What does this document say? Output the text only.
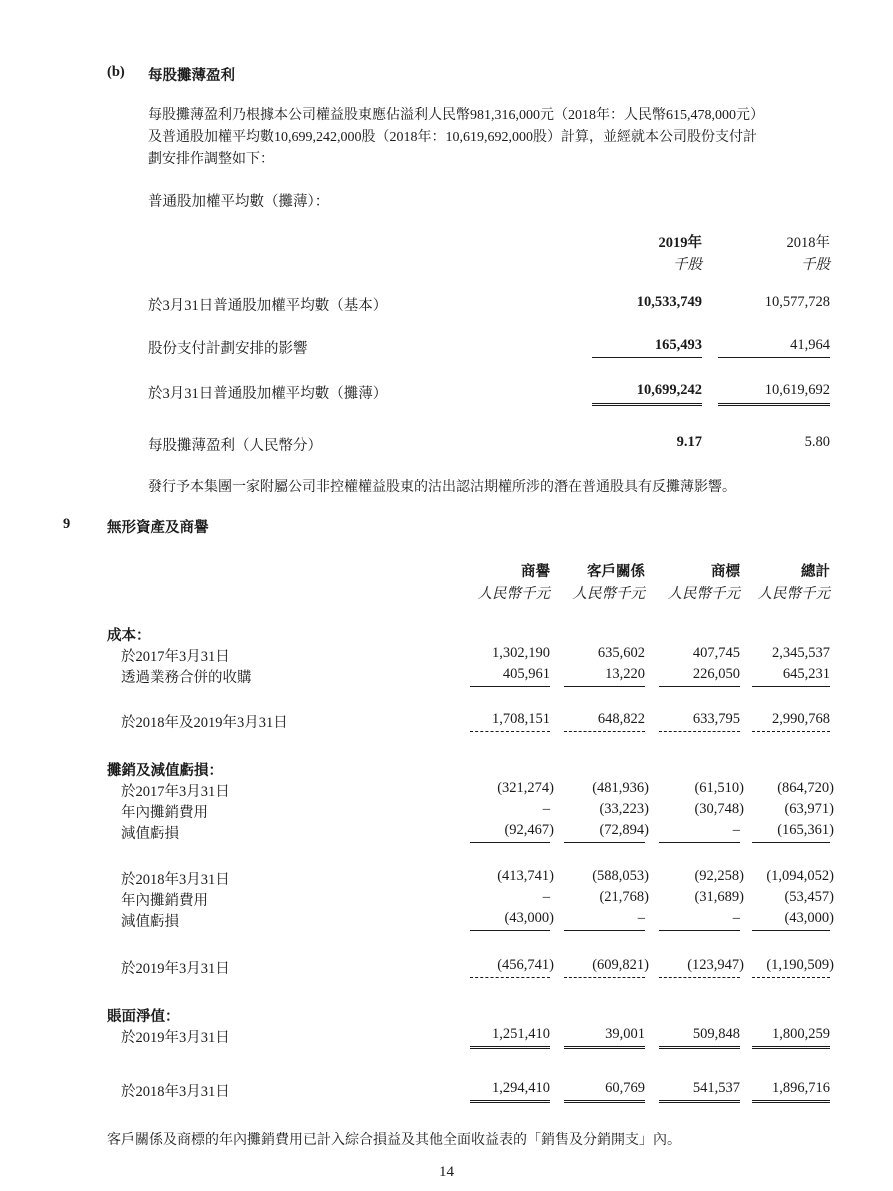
(b) 每股攤薄盈利
每股攤薄盈利乃根據本公司權益股東應佔溢利人民幣981,316,000元（2018年：人民幣615,478,000元）
及普通股加權平均數10,699,242,000股（2018年：10,619,692,000股）計算，並經就本公司股份支付計
劃安排作調整如下：
普通股加權平均數（攤薄）：
2019年	2018年
千股	千股
於3月31日普通股加權平均數（基本）	10,533,749	10,577,728
股份支付計劃安排的影響	165,493	41,964
於3月31日普通股加權平均數（攤薄）	10,699,242	10,619,692
每股攤薄盈利（人民幣分）	9.17	5.80
發行予本集團一家附屬公司非控權權益股東的沽出認沽期權所涉的潛在普通股具有反攤薄影響。
9	無形資產及商譽
商譽	客戶關係	商標	總計
人民幣千元	人民幣千元	人民幣千元	人民幣千元
成本：
於2017年3月31日	1,302,190	635,602	407,745	2,345,537
透過業務合併的收購	405,961	13,220	226,050	645,231
於2018年及2019年3月31日	1,708,151	648,822	633,795	2,990,768
攤銷及減值虧損：
於2017年3月31日	(321,274)	(481,936)	(61,510)	(864,720)
年內攤銷費用	–	(33,223)	(30,748)	(63,971)
減值虧損	(92,467)	(72,894)	–	(165,361)
於2018年3月31日	(413,741)	(588,053)	(92,258)	(1,094,052)
年內攤銷費用	–	(21,768)	(31,689)	(53,457)
減值虧損	(43,000)	–	–	(43,000)
於2019年3月31日	(456,741)	(609,821)	(123,947)	(1,190,509)
賬面淨值：
於2019年3月31日	1,251,410	39,001	509,848	1,800,259
於2018年3月31日	1,294,410	60,769	541,537	1,896,716
客戶關係及商標的年內攤銷費用已計入綜合損益及其他全面收益表的「銷售及分銷開支」內。
14
